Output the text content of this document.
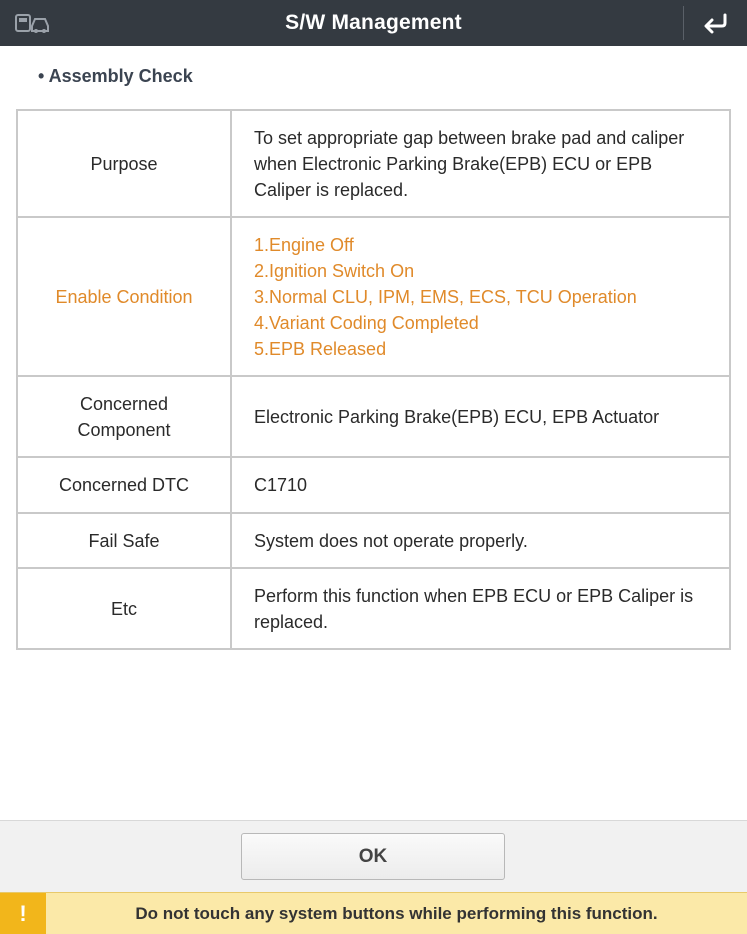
S/W Management
• Assembly Check
Purpose	To set appropriate gap between brake pad and caliper when Electronic Parking Brake(EPB) ECU or EPB Caliper is replaced.
Enable Condition	1.Engine Off
2.Ignition Switch On
3.Normal CLU, IPM, EMS, ECS, TCU Operation
4.Variant Coding Completed
5.EPB Released

Concerned Component	Electronic Parking Brake(EPB) ECU, EPB Actuator
Concerned DTC	C1710
Fail Safe	System does not operate properly.
Etc	Perform this function when EPB ECU or EPB Caliper is replaced.
OK
!	Do not touch any system buttons while performing this function.
